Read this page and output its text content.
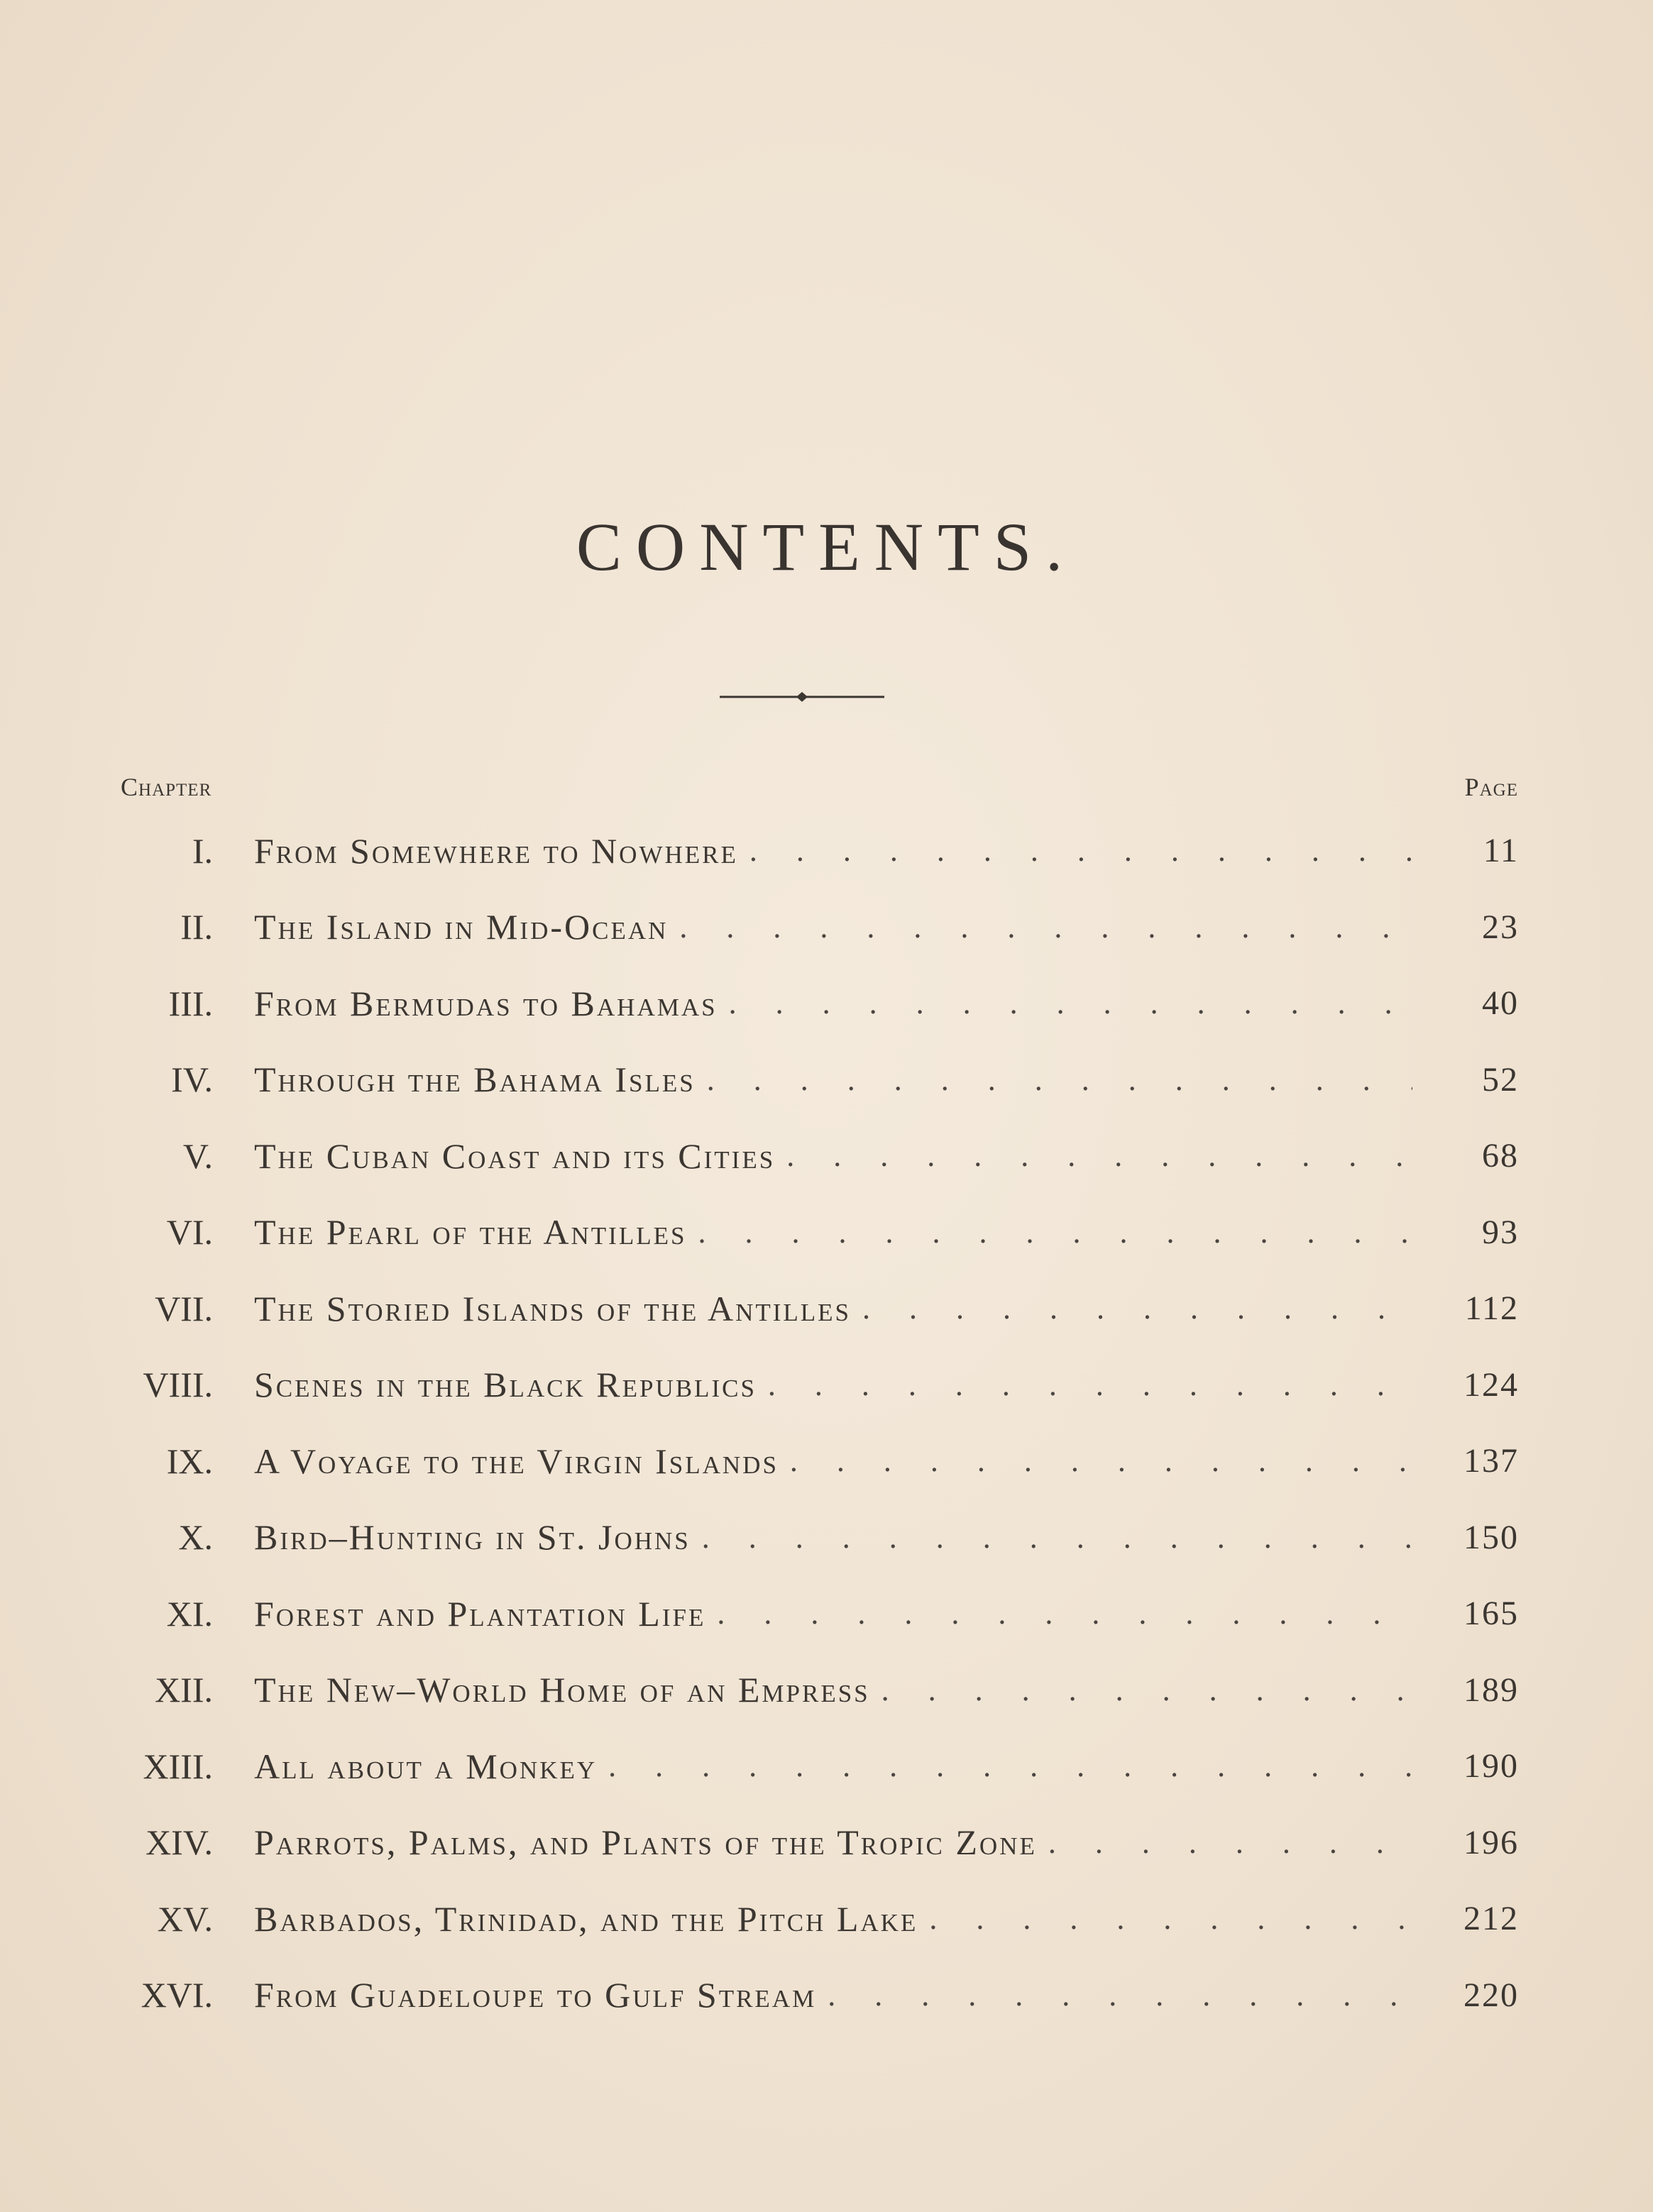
CONTENTS.
Chapter	Page
I. From Somewhere to Nowhere . . .	11
II. The Island in Mid-Ocean . . .	23
III. From Bermudas to Bahamas . . .	40
IV. Through the Bahama Isles . . .	52
V. The Cuban Coast and its Cities . . .	68
VI. The Pearl of the Antilles . . .	93
VII. The Storied Islands of the Antilles . . .	112
VIII. Scenes in the Black Republics . . .	124
IX. A Voyage to the Virgin Islands . . .	137
X. Bird–Hunting in St. Johns . . .	150
XI. Forest and Plantation Life . . .	165
XII. The New–World Home of an Empress . . .	189
XIII. All about a Monkey . . .	190
XIV. Parrots, Palms, and Plants of the Tropic Zone . . .	196
XV. Barbados, Trinidad, and the Pitch Lake . . .	212
XVI. From Guadeloupe to Gulf Stream . . .	220
